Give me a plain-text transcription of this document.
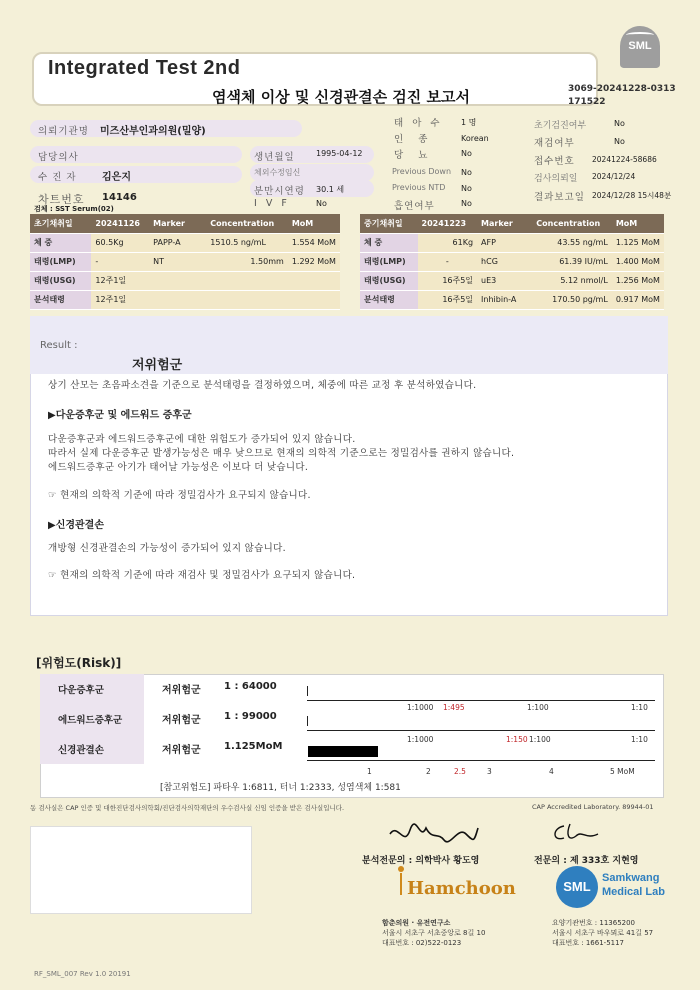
Integrated Test 2nd
염색체 이상 및 신경관결손 검진 보고서	3069-20241228-0313
171522
SML
의뢰기관명 미즈산부인과의원(밀양)
담당의사
수 진 자	김은지
차트번호 14146
검체 : SST Serum(02)
생년월일	1995-04-12
체외수정임신
분만시연령 30.1 세
I V F	No
태 아 수 1 명
인 종	Korean
당 뇨	No
Previous Down No
Previous NTD No
흡연여부	No
초기검진여부	No
재검여부	No
접수번호 20241224-58686
검사의뢰일 2024/12/24
결과보고일 2024/12/28 15시48분
초기채취일	20241126	Marker	Concentration	MoM
체 중	60.5Kg	PAPP-A	1510.5 ng/mL	1.554 MoM
태령(LMP)	-	NT	1.50mm	1.292 MoM
태령(USG)	12주1일			
분석태령	12주1일			
중기채취일	20241223	Marker	Concentration	MoM
체 중	61Kg	AFP	43.55 ng/mL	1.125 MoM
태령(LMP)	-	hCG	61.39 IU/mL	1.400 MoM
태령(USG)	16주5일	uE3	5.12 nmol/L	1.256 MoM
분석태령	16주5일	Inhibin-A	170.50 pg/mL	0.917 MoM
Result :
저위험군
상기 산모는 초음파소견을 기준으로 분석태령을 결정하였으며, 체중에 따른 교정 후 분석하였습니다.
▶다운증후군 및 에드워드 증후군
다운증후군과 에드워드증후군에 대한 위험도가 증가되어 있지 않습니다.
따라서 실제 다운증후군 발생가능성은 매우 낮으므로 현재의 의학적 기준으로는 정밀검사를 권하지 않습니다.
에드워드증후군 아기가 태어날 가능성은 이보다 더 낮습니다.
☞ 현재의 의학적 기준에 따라 정밀검사가 요구되지 않습니다.
▶신경관결손
개방형 신경관결손의 가능성이 증가되어 있지 않습니다.
☞ 현재의 의학적 기준에 따라 재검사 및 정밀검사가 요구되지 않습니다.
[위험도(Risk)]
다운증후군	저위험군 1 : 64000
에드워드증후군	저위험군 1 : 99000
신경관결손	저위험군 1.125MoM
1:1000 1:495	1:100	1:10
1:1000	1:150 1:100	1:10
1	2	2.5	3	4	5 MoM
[참고위험도] 파타우 1:6811, 터너 1:2333, 성염색체 1:581
동 검사실은 CAP 인증 및 대한진단검사의학회/진단검사의학재단의 우수검사실 신임 인증을 받은 검사실입니다.	CAP Accredited Laboratory. 89944-01
분석전문의 : 의학박사 황도영	전문의 : 제 333호 지현영
Hamchoon	SML
Samkwang
Medical Lab
함춘의원 · 유전연구소
서울시 서초구 서초중앙로 8길 10
대표번호 : 02)522-0123
요양기관번호 : 11365200
서울시 서초구 바우뫼로 41길 57
대표번호 : 1661-5117
RF_SML_007 Rev 1.0 20191
